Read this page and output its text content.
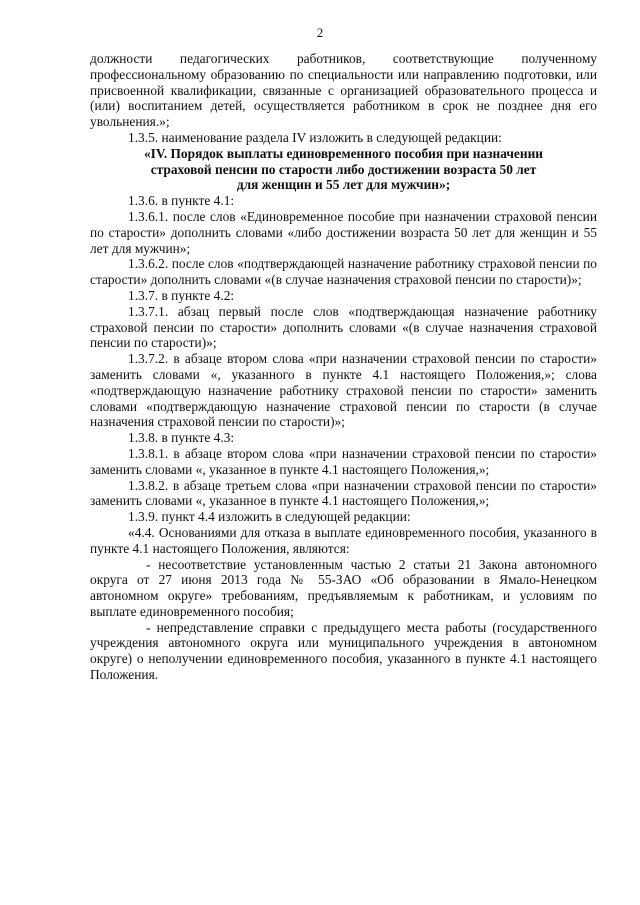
2

должности педагогических работников, соответствующие полученному профессиональному образованию по специальности или направлению подготовки, или присвоенной квалификации, связанные с организацией образовательного процесса и (или) воспитанием детей, осуществляется работником в срок не позднее дня его увольнения.»;

1.3.5. наименование раздела IV изложить в следующей редакции:

«IV. Порядок выплаты единовременного пособия при назначении
страховой пенсии по старости либо достижении возраста 50 лет
для женщин и 55 лет для мужчин»;

1.3.6. в пункте 4.1:

1.3.6.1. после слов «Единовременное пособие при назначении страховой пенсии по старости» дополнить словами «либо достижении возраста 50 лет для женщин и 55 лет для мужчин»;

1.3.6.2. после слов «подтверждающей назначение работнику страховой пенсии по старости» дополнить словами «(в случае назначения страховой пенсии по старости)»;

1.3.7. в пункте 4.2:

1.3.7.1. абзац первый после слов «подтверждающая назначение работнику страховой пенсии по старости» дополнить словами «(в случае назначения страховой пенсии по старости)»;

1.3.7.2. в абзаце втором слова «при назначении страховой пенсии по старости» заменить словами «, указанного в пункте 4.1 настоящего Положения,»; слова «подтверждающую назначение работнику страховой пенсии по старости» заменить словами «подтверждающую назначение страховой пенсии по старости (в случае назначения страховой пенсии по старости)»;

1.3.8. в пункте 4.3:

1.3.8.1. в абзаце втором слова «при назначении страховой пенсии по старости» заменить словами «, указанное в пункте 4.1 настоящего Положения,»;

1.3.8.2. в абзаце третьем слова «при назначении страховой пенсии по старости» заменить словами «, указанное в пункте 4.1 настоящего Положения,»;

1.3.9. пункт 4.4 изложить в следующей редакции:

«4.4. Основаниями для отказа в выплате единовременного пособия, указанного в пункте 4.1 настоящего Положения, являются:

- несоответствие установленным частью 2 статьи 21 Закона автономного округа от 27 июня 2013 года № 55-ЗАО «Об образовании в Ямало-Ненецком автономном округе» требованиям, предъявляемым к работникам, и условиям по выплате единовременного пособия;

- непредставление справки с предыдущего места работы (государственного учреждения автономного округа или муниципального учреждения в автономном округе) о неполучении единовременного пособия, указанного в пункте 4.1 настоящего Положения.
